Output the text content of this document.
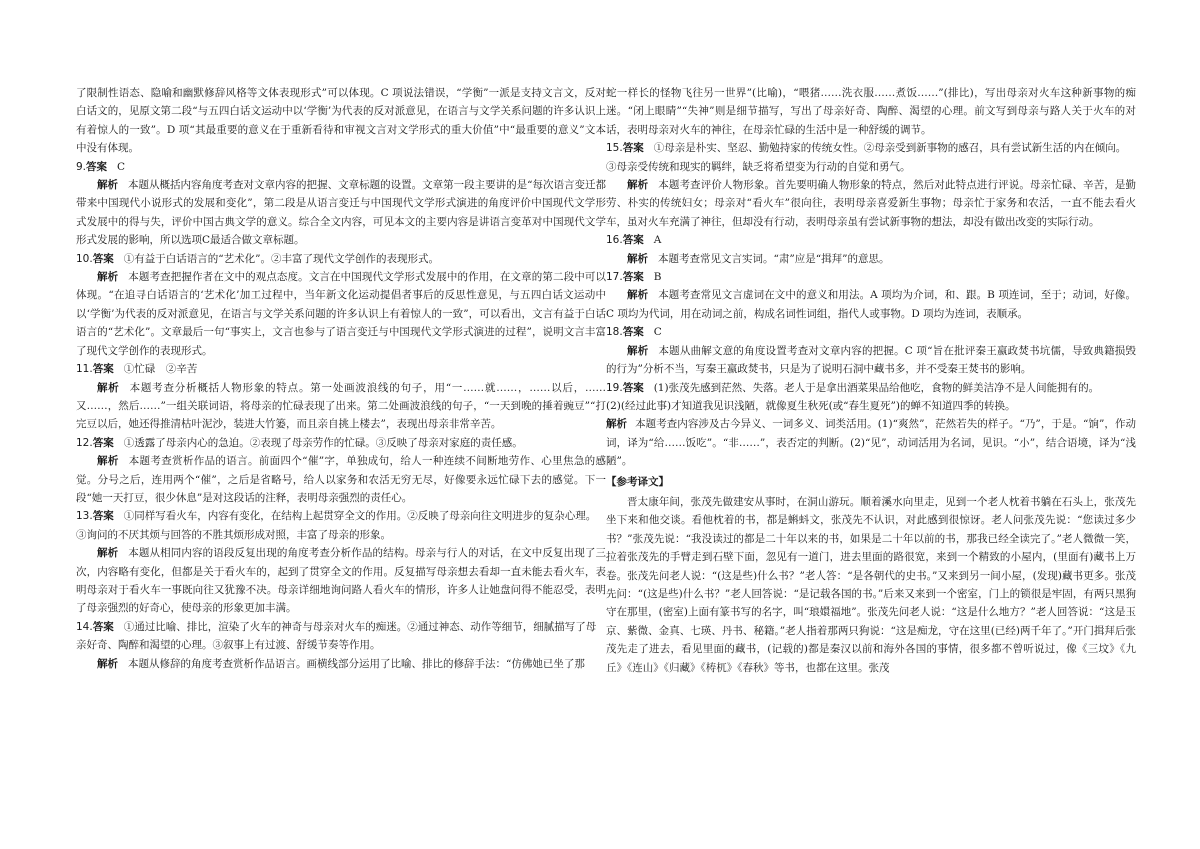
了限制性语态、隐喻和幽默修辞风格等文体表现形式”可以体现。C 项说法错误，“学衡”一派是支持文言文，反对白话文的，见原文第二段“与五四白话文运动中以‘学衡’为代表的反对派意见，在语言与文学关系问题的许多认识上有着惊人的一致”。D 项“其最重要的意义在于重新看待和审视文言对文学形式的重大价值”中“最重要的意义”文本中没有体现。

9.答案 C

解析 本题从概括内容角度考查对文章内容的把握、文章标题的设置。文章第一段主要讲的是“每次语言变迁都带来中国现代小说形式的发展和变化”，第二段是从语言变迁与中国现代文学形式演进的角度评价中国现代文学形式发展中的得与失，评价中国古典文学的意义。综合全文内容，可见本文的主要内容是讲语言变革对中国现代文学形式发展的影响，所以选项C最适合做文章标题。

10.答案 ①有益于白话语言的“艺术化”。②丰富了现代文学创作的表现形式。

解析 本题考查把握作者在文中的观点态度。文言在中国现代文学形式发展中的作用，在文章的第二段中可以体现。“在追寻白话语言的‘艺术化’加工过程中，当年新文化运动提倡者事后的反思性意见，与五四白话文运动中以‘学衡’为代表的反对派意见，在语言与文学关系问题的许多认识上有着惊人的一致”，可以看出，文言有益于白话语言的“艺术化”。文章最后一句“事实上，文言也参与了语言变迁与中国现代文学形式演进的过程”，说明文言丰富了现代文学创作的表现形式。

11.答案 ①忙碌　②辛苦

解析 本题考查分析概括人物形象的特点。第一处画波浪线的句子，用“一……就……，……以后，……又……，然后……”一组关联词语，将母亲的忙碌表现了出来。第二处画波浪线的句子，“一天到晚的捶着豌豆”“打完豆以后，她还得推清枯叶泥沙，装进大竹篓，而且亲自挑上楼去”，表现出母亲非常辛苦。

12.答案 ①透露了母亲内心的急迫。②表现了母亲劳作的忙碌。③反映了母亲对家庭的责任感。

解析 本题考查赏析作品的语言。前面四个“催”字，单独成句，给人一种连续不间断地劳作、心里焦急的感觉。分号之后，连用两个“催”，之后是省略号，给人以家务和农活无穷无尽，好像要永远忙碌下去的感觉。下一段“她一天打豆，很少休息”是对这段话的注释，表明母亲强烈的责任心。

13.答案 ①同样写看火车，内容有变化，在结构上起贯穿全文的作用。②反映了母亲向往文明进步的复杂心理。③询问的不厌其烦与回答的不胜其烦形成对照，丰富了母亲的形象。

解析 本题从相同内容的语段反复出现的角度考查分析作品的结构。母亲与行人的对话，在文中反复出现了三次，内容略有变化，但都是关于看火车的，起到了贯穿全文的作用。反复描写母亲想去看却一直未能去看火车，表明母亲对于看火车一事既向往又犹豫不决。母亲详细地询问路人看火车的情形，许多人让她盘问得不能忍受，表明了母亲强烈的好奇心，使母亲的形象更加丰满。

14.答案 ①通过比喻、排比，渲染了火车的神奇与母亲对火车的痴迷。②通过神态、动作等细节，细腻描写了母亲好奇、陶醉和渴望的心理。③叙事上有过渡、舒缓节奏等作用。

解析 本题从修辞的角度考查赏析作品语言。画横线部分运用了比喻、排比的修辞手法：“仿佛她已坐了那

蛇一样长的怪物飞往另一世界”(比喻)，“喂猪……洗衣服……煮饭……”(排比)，写出母亲对火车这种新事物的痴迷。“闭上眼睛”“失神”则是细节描写，写出了母亲好奇、陶醉、渴望的心理。前文写到母亲与路人关于火车的对话，表明母亲对火车的神往，在母亲忙碌的生活中是一种舒缓的调节。

15.答案 ①母亲是朴实、坚忍、勤勉持家的传统女性。②母亲受到新事物的感召，具有尝试新生活的内在倾向。③母亲受传统和现实的羁绊，缺乏将希望变为行动的自觉和勇气。

解析 本题考查评价人物形象。首先要明确人物形象的特点，然后对此特点进行评说。母亲忙碌、辛苦，是勤劳、朴实的传统妇女；母亲对“看火车”很向往，表明母亲喜爱新生事物；母亲忙于家务和农活，一直不能去看火车，虽对火车充满了神往，但却没有行动，表明母亲虽有尝试新事物的想法，却没有做出改变的实际行动。

16.答案 A

解析 本题考查常见文言实词。“肃”应是“揖拜”的意思。

17.答案 B

解析 本题考查常见文言虚词在文中的意义和用法。A 项均为介词，和、跟。B 项连词，至于；动词，好像。C 项均为代词，用在动词之前，构成名词性词组，指代人或事物。D 项均为连词，表顺承。

18.答案 C

解析 本题从曲解文意的角度设置考查对文章内容的把握。C 项“旨在批评秦王嬴政焚书坑儒，导致典籍损毁的行为”分析不当，写秦王嬴政焚书，只是为了说明石洞中藏书多，并不受秦王焚书的影响。

19.答案 (1)张茂先感到茫然、失落。老人于是拿出酒菜果品给他吃，食物的鲜美洁净不是人间能拥有的。

(2)(经过此事)才知道我见识浅陋，就像夏生秋死(或“春生夏死”)的蝉不知道四季的转换。

解析 本题考查内容涉及古今异义、一词多义、词类活用。(1)“爽然”，茫然若失的样子。“乃”，于是。“饷”，作动词，译为“给……饭吃”。“非……”，表否定的判断。(2)“见”，动词活用为名词，见识。“小”，结合语境，译为“浅陋”。

【参考译文】

晋太康年间，张茂先做建安从事时，在洞山游玩。顺着溪水向里走，见到一个老人枕着书躺在石头上，张茂先坐下来和他交谈。看他枕着的书，都是蝌蚪文，张茂先不认识，对此感到很惊讶。老人问张茂先说：“您读过多少书？”张茂先说：“我没读过的都是二十年以来的书，如果是二十年以前的书，那我已经全读完了。”老人微微一笑，拉着张茂先的手臂走到石壁下面，忽见有一道门，进去里面的路很宽，来到一个精致的小屋内，(里面有)藏书上万卷。张茂先问老人说：“(这是些)什么书？”老人答：“是各朝代的史书。”又来到另一间小屋，(发现)藏书更多。张茂先问：“(这是些)什么书？”老人回答说：“是记载各国的书。”后来又来到一个密室，门上的锁很是牢固，有两只黑狗守在那里，(密室)上面有篆书写的名字，叫“琅嬛福地”。张茂先问老人说：“这是什么地方？”老人回答说：“这是玉京、紫微、金真、七瑛、丹书、秘籍。”老人指着那两只狗说：“这是痴龙，守在这里(已经)两千年了。”开门揖拜后张茂先走了进去，看见里面的藏书，(记载的)都是秦汉以前和海外各国的事情，很多都不曾听说过，像《三坟》《九丘》《连山》《归藏》《梼杌》《春秋》等书，也都在这里。张茂
